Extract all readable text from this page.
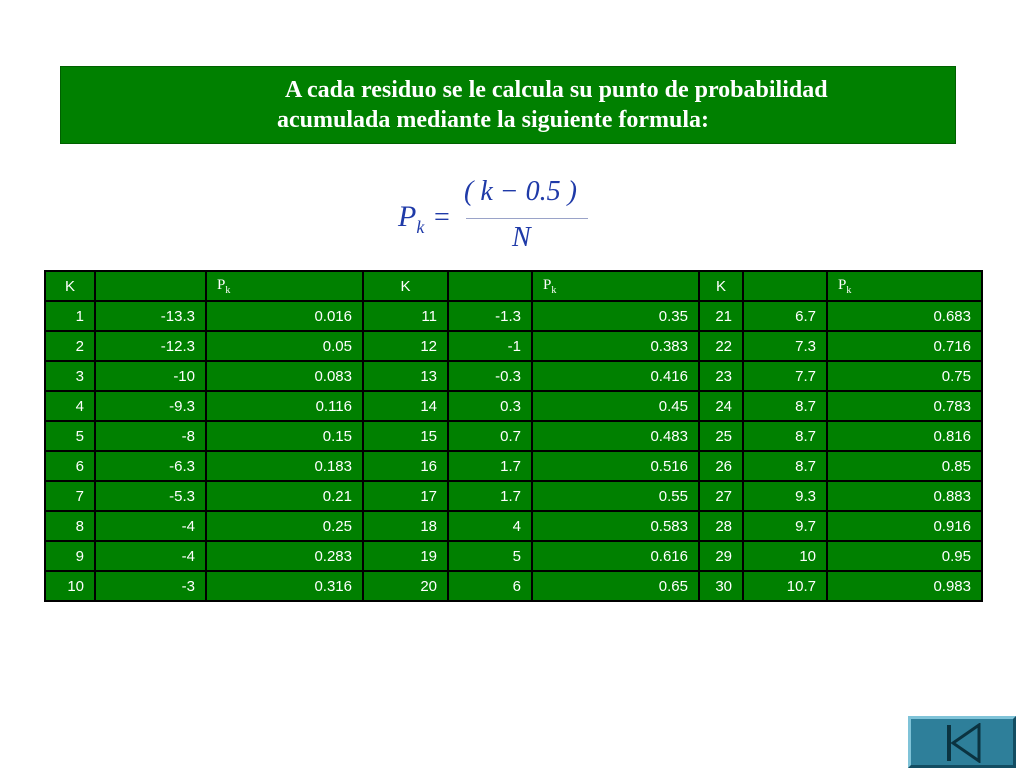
A cada residuo se le calcula su punto de probabilidad
acumulada mediante la siguiente formula:

$P_k$ =
( k − 0.5 )
N
K		$P_k$	K		$P_k$	K		$P_k$
1	-13.3	0.016	11	-1.3	0.35	21	6.7	0.683
2	-12.3	0.05	12	-1	0.383	22	7.3	0.716
3	-10	0.083	13	-0.3	0.416	23	7.7	0.75
4	-9.3	0.116	14	0.3	0.45	24	8.7	0.783
5	-8	0.15	15	0.7	0.483	25	8.7	0.816
6	-6.3	0.183	16	1.7	0.516	26	8.7	0.85
7	-5.3	0.21	17	1.7	0.55	27	9.3	0.883
8	-4	0.25	18	4	0.583	28	9.7	0.916
9	-4	0.283	19	5	0.616	29	10	0.95
10	-3	0.316	20	6	0.65	30	10.7	0.983
